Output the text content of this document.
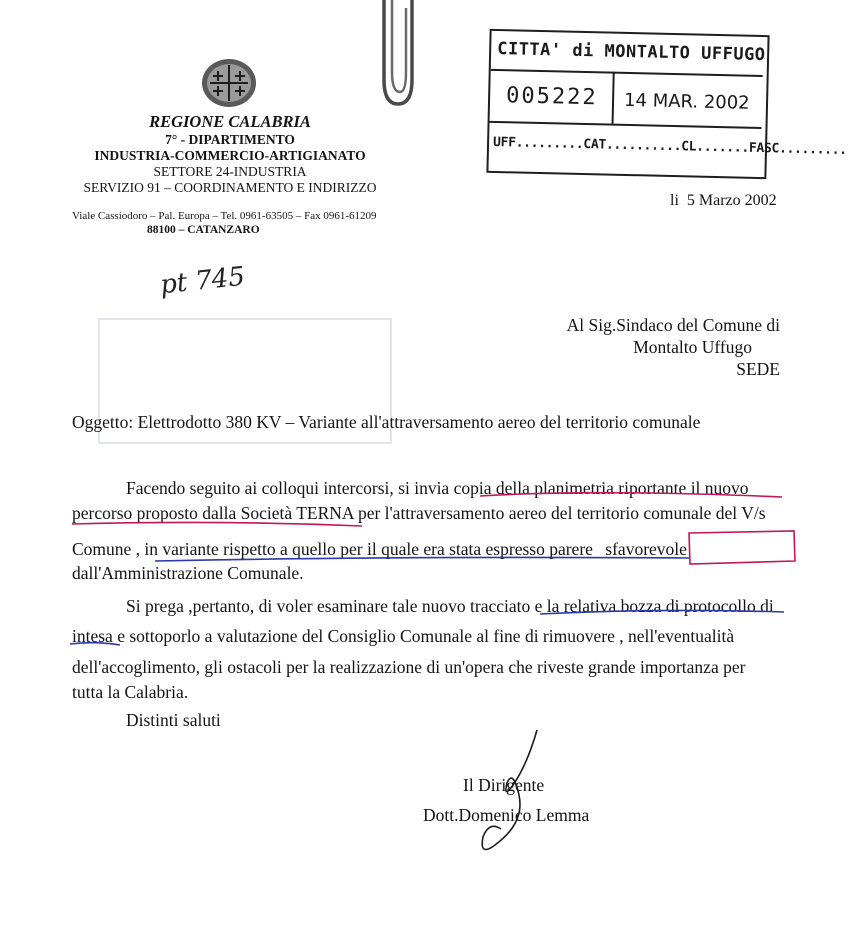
REGIONE CALABRIA
7° - DIPARTIMENTO
INDUSTRIA-COMMERCIO-ARTIGIANATO
SETTORE 24-INDUSTRIA
SERVIZIO 91 – COORDINAMENTO E INDIRIZZO
Viale Cassiodoro – Pal. Europa – Tel. 0961-63505 – Fax 0961-61209
88100 – CATANZARO
CITTA' di MONTALTO UFFUGO
005222 14 MAR. 2002
UFF.........CAT..........CL.......FASC.........
li  5 Marzo 2002
pt 745
Al Sig.Sindaco del Comune di
Montalto Uffugo
SEDE
Oggetto: Elettrodotto 380 KV – Variante all'attraversamento aereo del territorio comunale
Facendo seguito ai colloqui intercorsi, si invia copia della planimetria riportante il nuovo
percorso proposto dalla Società TERNA per l'attraversamento aereo del territorio comunale del V/s
Comune , in variante rispetto a quello per il quale era stata espresso parere sfavorevole
dall'Amministrazione Comunale.
Si prega ,pertanto, di voler esaminare tale nuovo tracciato e la relativa bozza di protocollo di
intesa e sottoporlo a valutazione del Consiglio Comunale al fine di rimuovere , nell'eventualità
dell'accoglimento, gli ostacoli per la realizzazione di un'opera che riveste grande importanza per
tutta la Calabria.
Distinti saluti
Il Dirigente
Dott.Domenico Lemma
